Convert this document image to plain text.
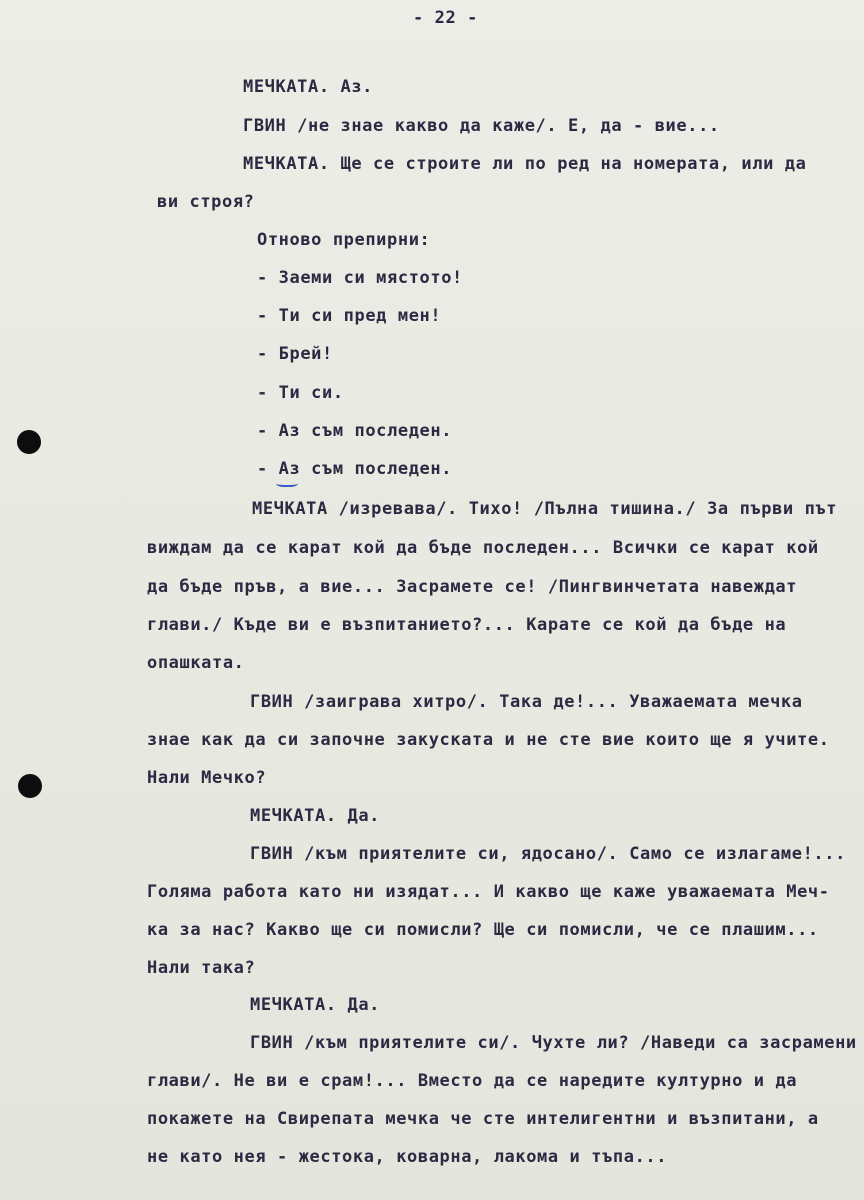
- 22 -
МЕЧКАТА. Аз.
ГВИН /не знае какво да каже/. Е, да - вие...
МЕЧКАТА. Ще се строите ли по ред на номерата, или да
ви строя?
Отново препирни:
- Заеми си мястото!
- Ти си пред мен!
- Брей!
- Ти си.
- Аз съм последен.
- Аз съм последен.
МЕЧКАТА /изревава/. Тихо! /Пълна тишина./ За първи път
виждам да се карат кой да бъде последен... Всички се карат кой
да бъде пръв, а вие... Засрамете се! /Пингвинчетата навеждат
глави./ Къде ви е възпитанието?... Карате се кой да бъде на
опашката.
ГВИН /заиграва хитро/. Така де!... Уважаемата мечка
знае как да си започне закуската и не сте вие които ще я учите.
Нали Мечко?
МЕЧКАТА. Да.
ГВИН /към приятелите си, ядосано/. Само се излагаме!...
Голяма работа като ни изядат... И какво ще каже уважаемата Меч-
ка за нас? Какво ще си помисли? Ще си помисли, че се плашим...
Нали така?
МЕЧКАТА. Да.
ГВИН /към приятелите си/. Чухте ли? /Наведи са засрамени
глави/. Не ви е срам!... Вместо да се наредите културно и да
покажете на Свирепата мечка че сте интелигентни и възпитани, а
не като нея - жестока, коварна, лакома и тъпа...
